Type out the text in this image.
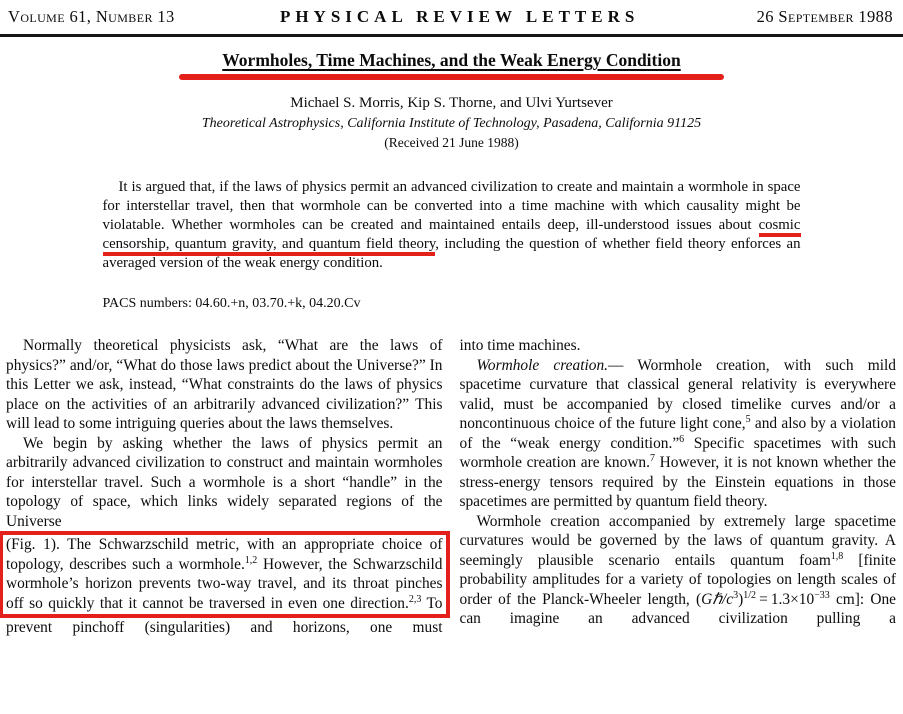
Volume 61, Number 13	PHYSICAL REVIEW LETTERS	26 September 1988
Wormholes, Time Machines, and the Weak Energy Condition
Michael S. Morris, Kip S. Thorne, and Ulvi Yurtsever
Theoretical Astrophysics, California Institute of Technology, Pasadena, California 91125
(Received 21 June 1988)

It is argued that, if the laws of physics permit an advanced civilization to create and maintain a wormhole in space for interstellar travel, then that wormhole can be converted into a time machine with which causality might be violatable. Whether wormholes can be created and maintained entails deep, ill-understood issues about cosmic censorship, quantum gravity, and quantum field theory, including the question of whether field theory enforces an averaged version of the weak energy condition.

PACS numbers: 04.60.+n, 03.70.+k, 04.20.Cv

Normally theoretical physicists ask, “What are the laws of physics?” and/or, “What do those laws predict about the Universe?” In this Letter we ask, instead, “What constraints do the laws of physics place on the activities of an arbitrarily advanced civilization?” This will lead to some intriguing queries about the laws themselves.

We begin by asking whether the laws of physics permit an arbitrarily advanced civilization to construct and maintain wormholes for interstellar travel. Such a wormhole is a short “handle” in the topology of space, which links widely separated regions of the Universe

(Fig. 1). The Schwarzschild metric, with an appropriate choice of topology, describes such a wormhole.$^{1,2}$ However, the Schwarzschild wormhole’s horizon prevents two-way travel, and its throat pinches off so quickly that it cannot be traversed in even one direction.$^{2,3}$ To

prevent pinchoff (singularities) and horizons, one must

into time machines.

Wormhole creation.— Wormhole creation, with such mild spacetime curvature that classical general relativity is everywhere valid, must be accompanied by closed timelike curves and/or a noncontinuous choice of the future light cone,$^5$ and also by a violation of the “weak energy condition.”$^6$ Specific spacetimes with such wormhole creation are known.$^7$ However, it is not known whether the stress-energy tensors required by the Einstein equations in those spacetimes are permitted by quantum field theory.

Wormhole creation accompanied by extremely large spacetime curvatures would be governed by the laws of quantum gravity. A seemingly plausible scenario entails quantum foam$^{1,8}$ [finite probability amplitudes for a variety of topologies on length scales of order of the Planck-Wheeler length, $(G\hbar/c^3)^{1/2} = 1.3\times 10^{-33}$ cm]: One can imagine an advanced civilization pulling a
